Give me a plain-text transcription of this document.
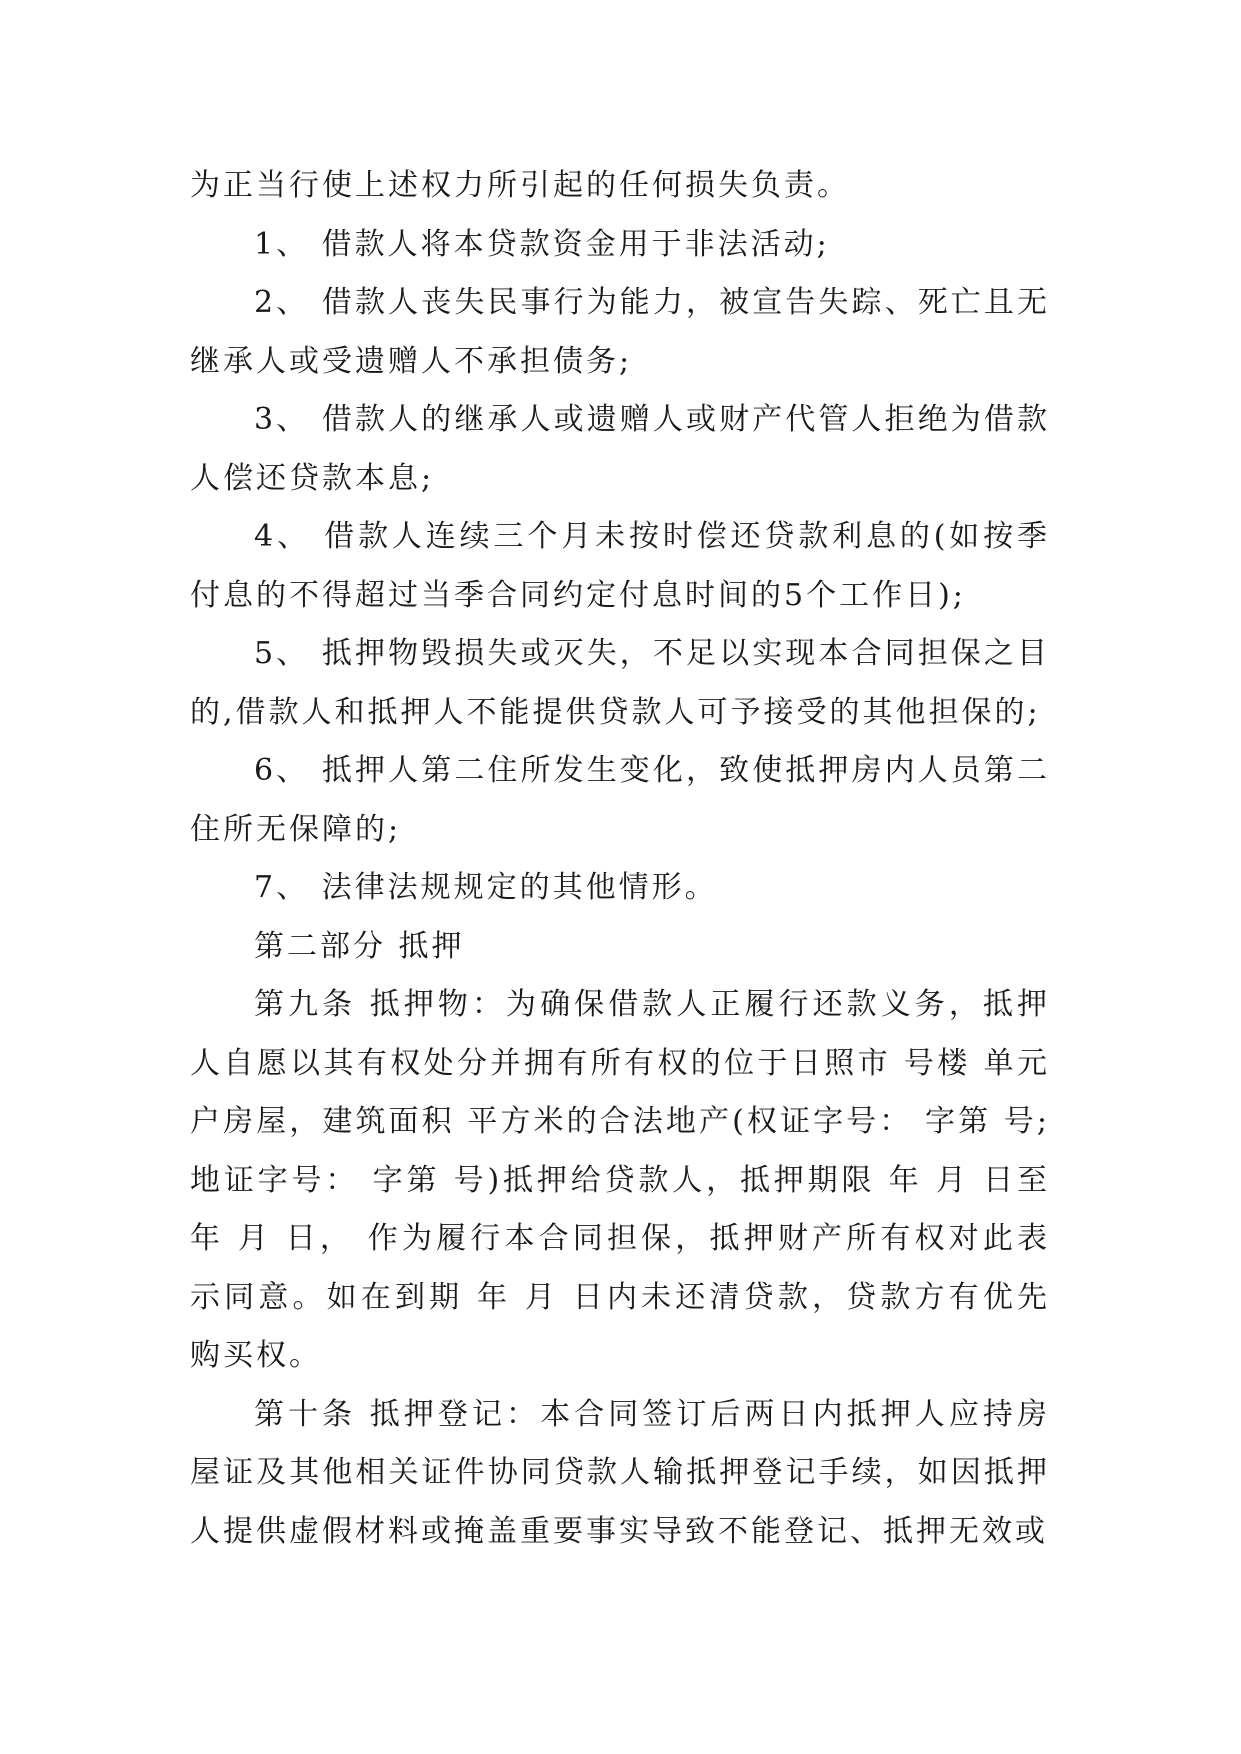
为正当行使上述权力所引起的任何损失负责。

1、 借款人将本贷款资金用于非法活动;

2、 借款人丧失民事行为能力，被宣告失踪、死亡且无继承人或受遗赠人不承担债务;

3、 借款人的继承人或遗赠人或财产代管人拒绝为借款人偿还贷款本息;

4、 借款人连续三个月未按时偿还贷款利息的(如按季付息的不得超过当季合同约定付息时间的5个工作日);

5、 抵押物毁损失或灭失，不足以实现本合同担保之目的,借款人和抵押人不能提供贷款人可予接受的其他担保的;

6、 抵押人第二住所发生变化，致使抵押房内人员第二住所无保障的;

7、 法律法规规定的其他情形。

第二部分 抵押

第九条 抵押物：为确保借款人正履行还款义务，抵押人自愿以其有权处分并拥有所有权的位于日照市 号楼 单元 户房屋，建筑面积 平方米的合法地产(权证字号： 字第 号;地证字号： 字第 号)抵押给贷款人，抵押期限 年 月 日至 年 月 日， 作为履行本合同担保，抵押财产所有权对此表示同意。如在到期 年 月 日内未还清贷款，贷款方有优先购买权。

第十条 抵押登记：本合同签订后两日内抵押人应持房屋证及其他相关证件协同贷款人输抵押登记手续，如因抵押人提供虚假材料或掩盖重要事实导致不能登记、抵押无效或
